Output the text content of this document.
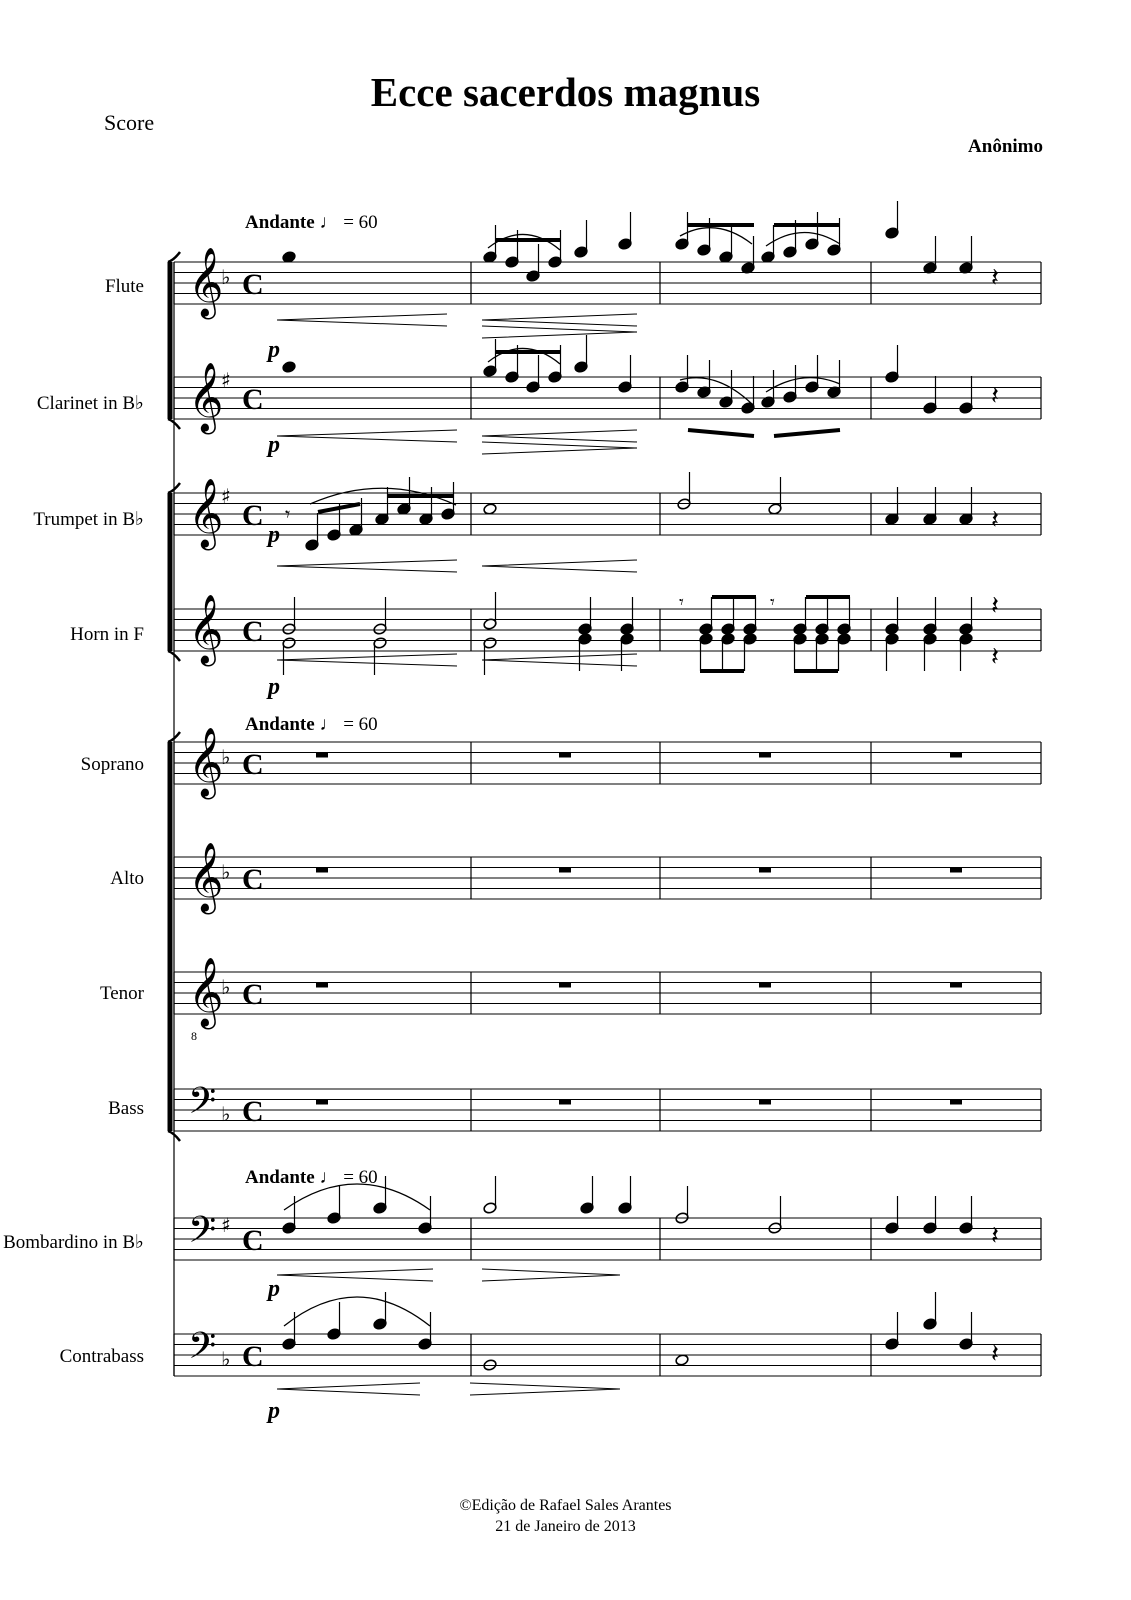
Ecce sacerdos magnus
Score
Anônimo
Andante ♩ = 60
Andante ♩ = 60
Andante ♩ = 60
Flute
Clarinet in B♭
Trumpet in B♭
Horn in F
Soprano
Alto
Tenor
Bass
Bombardino in B♭
Contrabass
©Edição de Rafael Sales Arantes
21 de Janeiro de 2013
𝄞
♭ C
𝄞
♯
C
𝄞
♯
C
𝄞 C
𝄞
♭ C
𝄞
♭ C
𝄞
8
♭ C
𝄢 ♭ C
𝄢 ♯ C
𝄢 ♭ C
𝄽
𝄽
𝄾	𝄽
𝄾	𝄾	𝄽
𝄽
𝄽
𝄽
p
p
p
p
p
p
